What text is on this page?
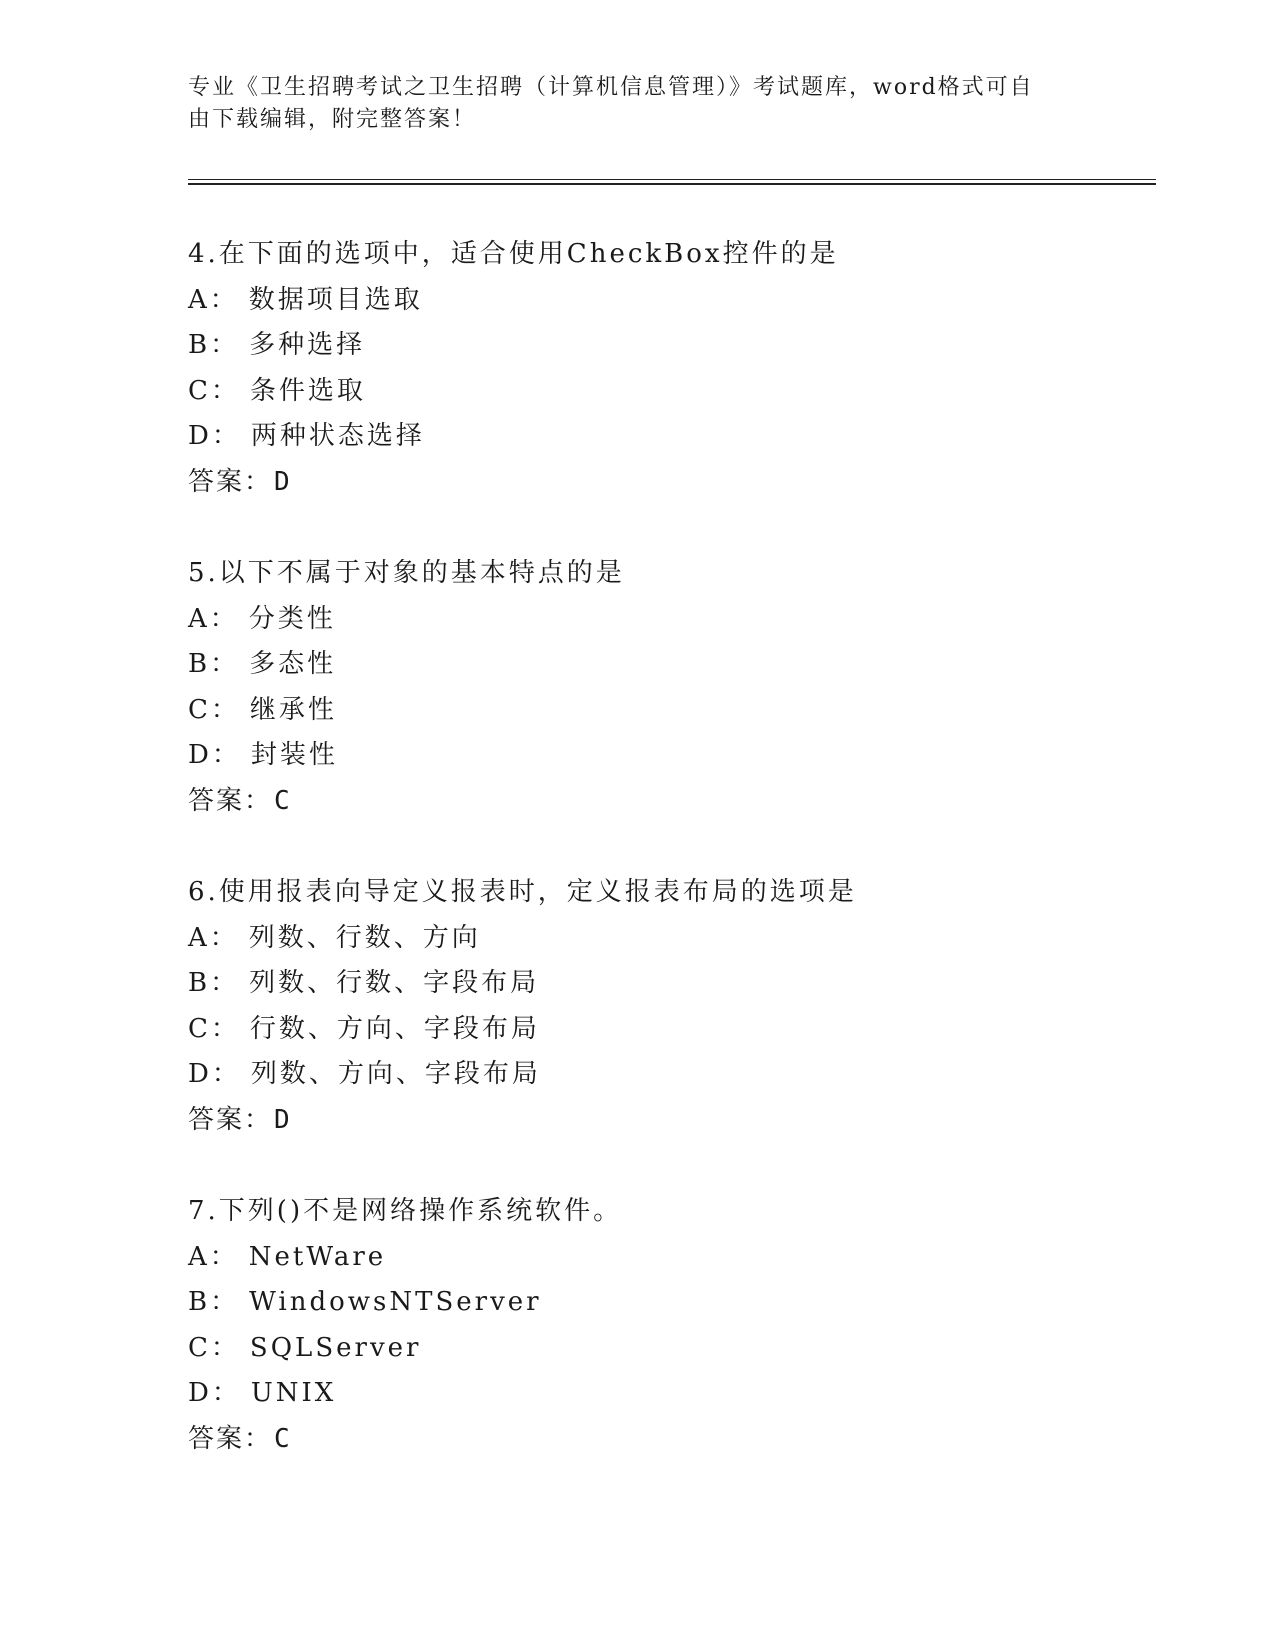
专业《卫生招聘考试之卫生招聘（计算机信息管理）》考试题库，word格式可自
由下载编辑，附完整答案！
4.在下面的选项中，适合使用CheckBox控件的是
A： 数据项目选取
B： 多种选择
C： 条件选取
D： 两种状态选择
答案：D
5.以下不属于对象的基本特点的是
A： 分类性
B： 多态性
C： 继承性
D： 封装性
答案：C
6.使用报表向导定义报表时，定义报表布局的选项是
A： 列数、行数、方向
B： 列数、行数、字段布局
C： 行数、方向、字段布局
D： 列数、方向、字段布局
答案：D
7.下列()不是网络操作系统软件。
A： NetWare
B： WindowsNTServer
C： SQLServer
D： UNIX
答案：C
